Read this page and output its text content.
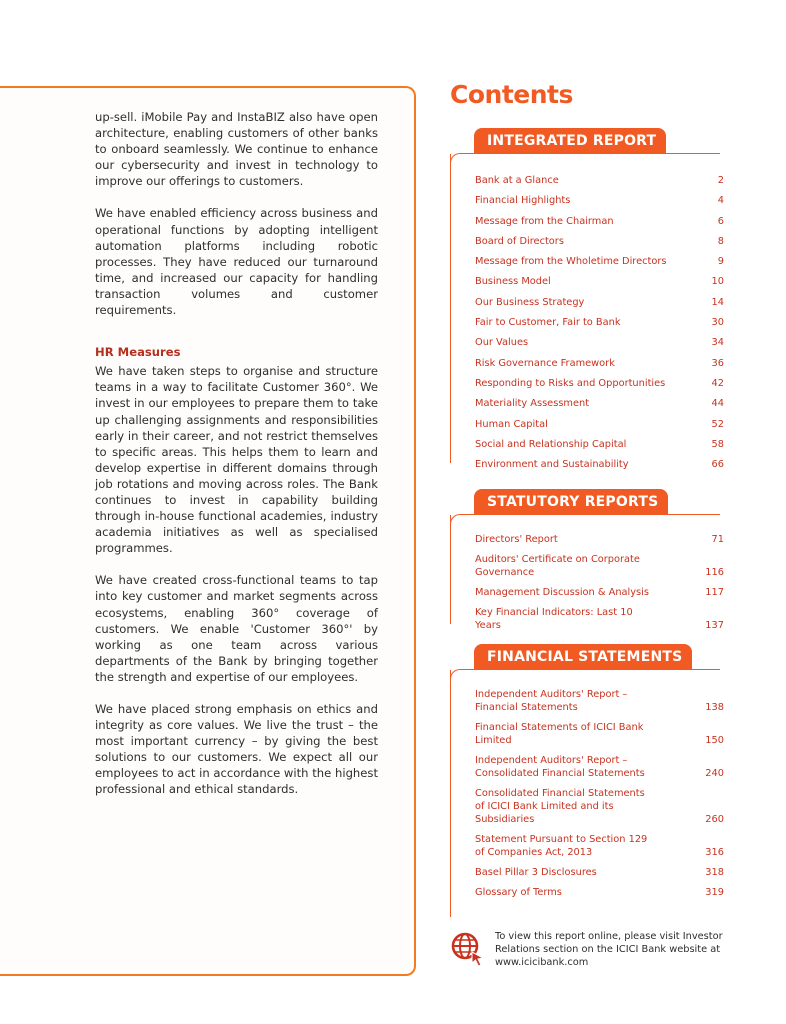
up-sell. iMobile Pay and InstaBIZ also have open architecture, enabling customers of other banks to onboard seamlessly. We continue to enhance our cybersecurity and invest in technology to improve our offerings to customers.

We have enabled efficiency across business and operational functions by adopting intelligent automation platforms including robotic processes. They have reduced our turnaround time, and increased our capacity for handling transaction volumes and customer requirements.

HR Measures

We have taken steps to organise and structure teams in a way to facilitate Customer 360°. We invest in our employees to prepare them to take up challenging assignments and responsibilities early in their career, and not restrict themselves to specific areas. This helps them to learn and develop expertise in different domains through job rotations and moving across roles. The Bank continues to invest in capability building through in-house functional academies, industry academia initiatives as well as specialised programmes.

We have created cross-functional teams to tap into key customer and market segments across ecosystems, enabling 360° coverage of customers. We enable 'Customer 360°' by working as one team across various departments of the Bank by bringing together the strength and expertise of our employees.

We have placed strong emphasis on ethics and integrity as core values. We live the trust – the most important currency – by giving the best solutions to our customers. We expect all our employees to act in accordance with the highest professional and ethical standards.

Contents
INTEGRATED REPORT
Bank at a Glance	2
Financial Highlights	4
Message from the Chairman	6
Board of Directors	8
Message from the Wholetime Directors	9
Business Model	10
Our Business Strategy	14
Fair to Customer, Fair to Bank	30
Our Values	34
Risk Governance Framework	36
Responding to Risks and Opportunities	42
Materiality Assessment	44
Human Capital	52
Social and Relationship Capital	58
Environment and Sustainability	66
STATUTORY REPORTS
Directors' Report	71
Auditors' Certificate on Corporate Governance	116
Management Discussion & Analysis	117
Key Financial Indicators: Last 10 Years	137
FINANCIAL STATEMENTS
Independent Auditors' Report – Financial Statements	138
Financial Statements of ICICI Bank Limited	150
Independent Auditors' Report – Consolidated Financial Statements	240
Consolidated Financial Statements of ICICI Bank Limited and its Subsidiaries	260
Statement Pursuant to Section 129 of Companies Act, 2013	316
Basel Pillar 3 Disclosures	318
Glossary of Terms	319
To view this report online, please visit Investor Relations section on the ICICI Bank website at www.icicibank.com
